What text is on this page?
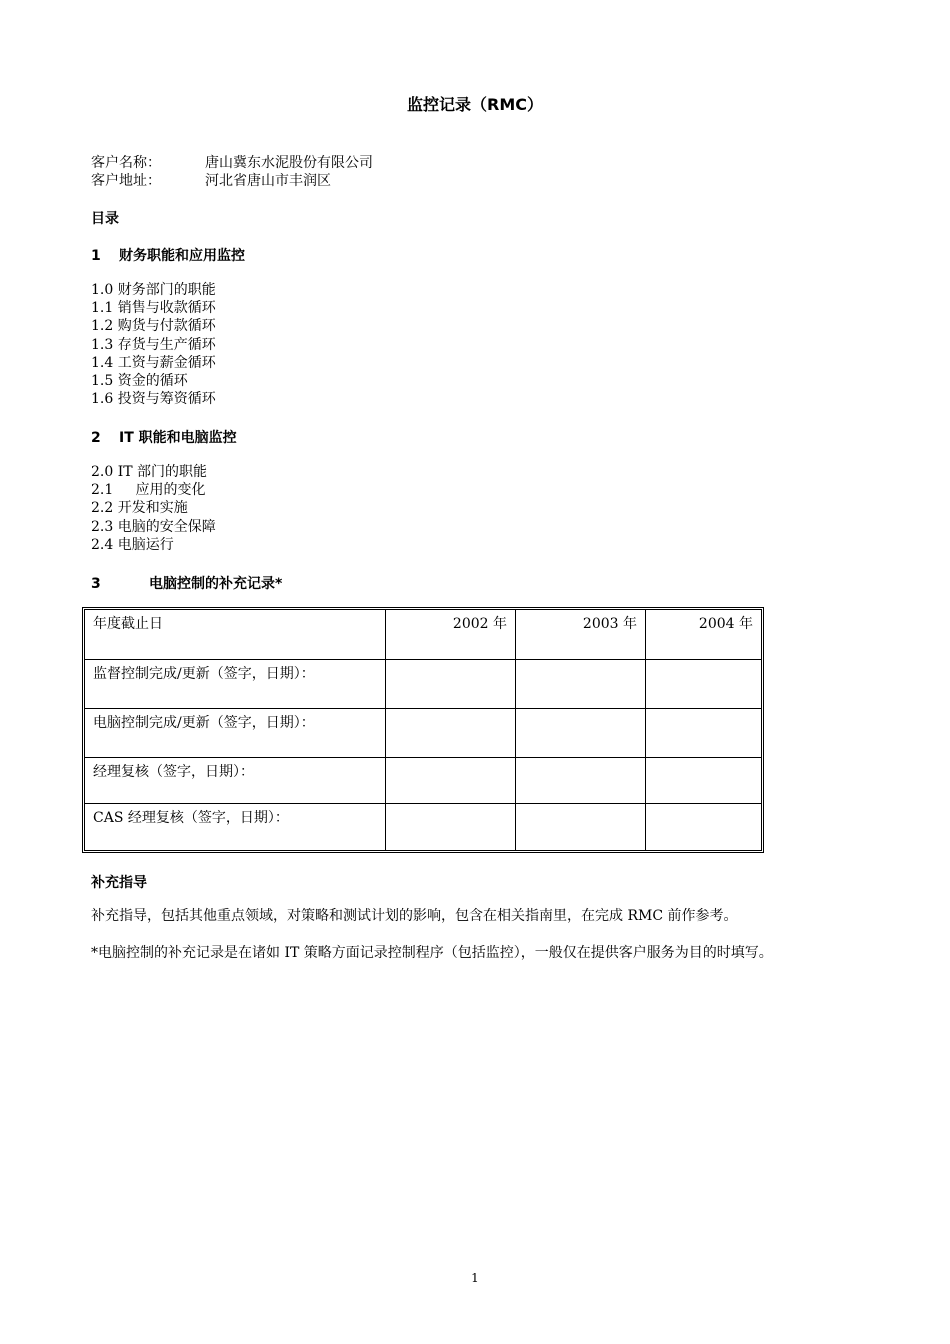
监控记录（RMC）
客户名称：	唐山冀东水泥股份有限公司
客户地址：	河北省唐山市丰润区
目录
1 财务职能和应用监控
1.0 财务部门的职能
1.1 销售与收款循环
1.2 购货与付款循环
1.3 存货与生产循环
1.4 工资与薪金循环
1.5 资金的循环
1.6 投资与筹资循环
2 IT 职能和电脑监控
2.0 IT 部门的职能
2.1     应用的变化
2.2 开发和实施
2.3 电脑的安全保障
2.4 电脑运行
3	电脑控制的补充记录*
年度截止日	2002 年	2003 年	2004 年
监督控制完成/更新（签字，日期）：			
电脑控制完成/更新（签字，日期）：			
经理复核（签字，日期）：			
CAS 经理复核（签字，日期）：			
补充指导
补充指导，包括其他重点领域，对策略和测试计划的影响，包含在相关指南里，在完成 RMC 前作参考。
*电脑控制的补充记录是在诸如 IT 策略方面记录控制程序（包括监控），一般仅在提供客户服务为目的时填写。
1
